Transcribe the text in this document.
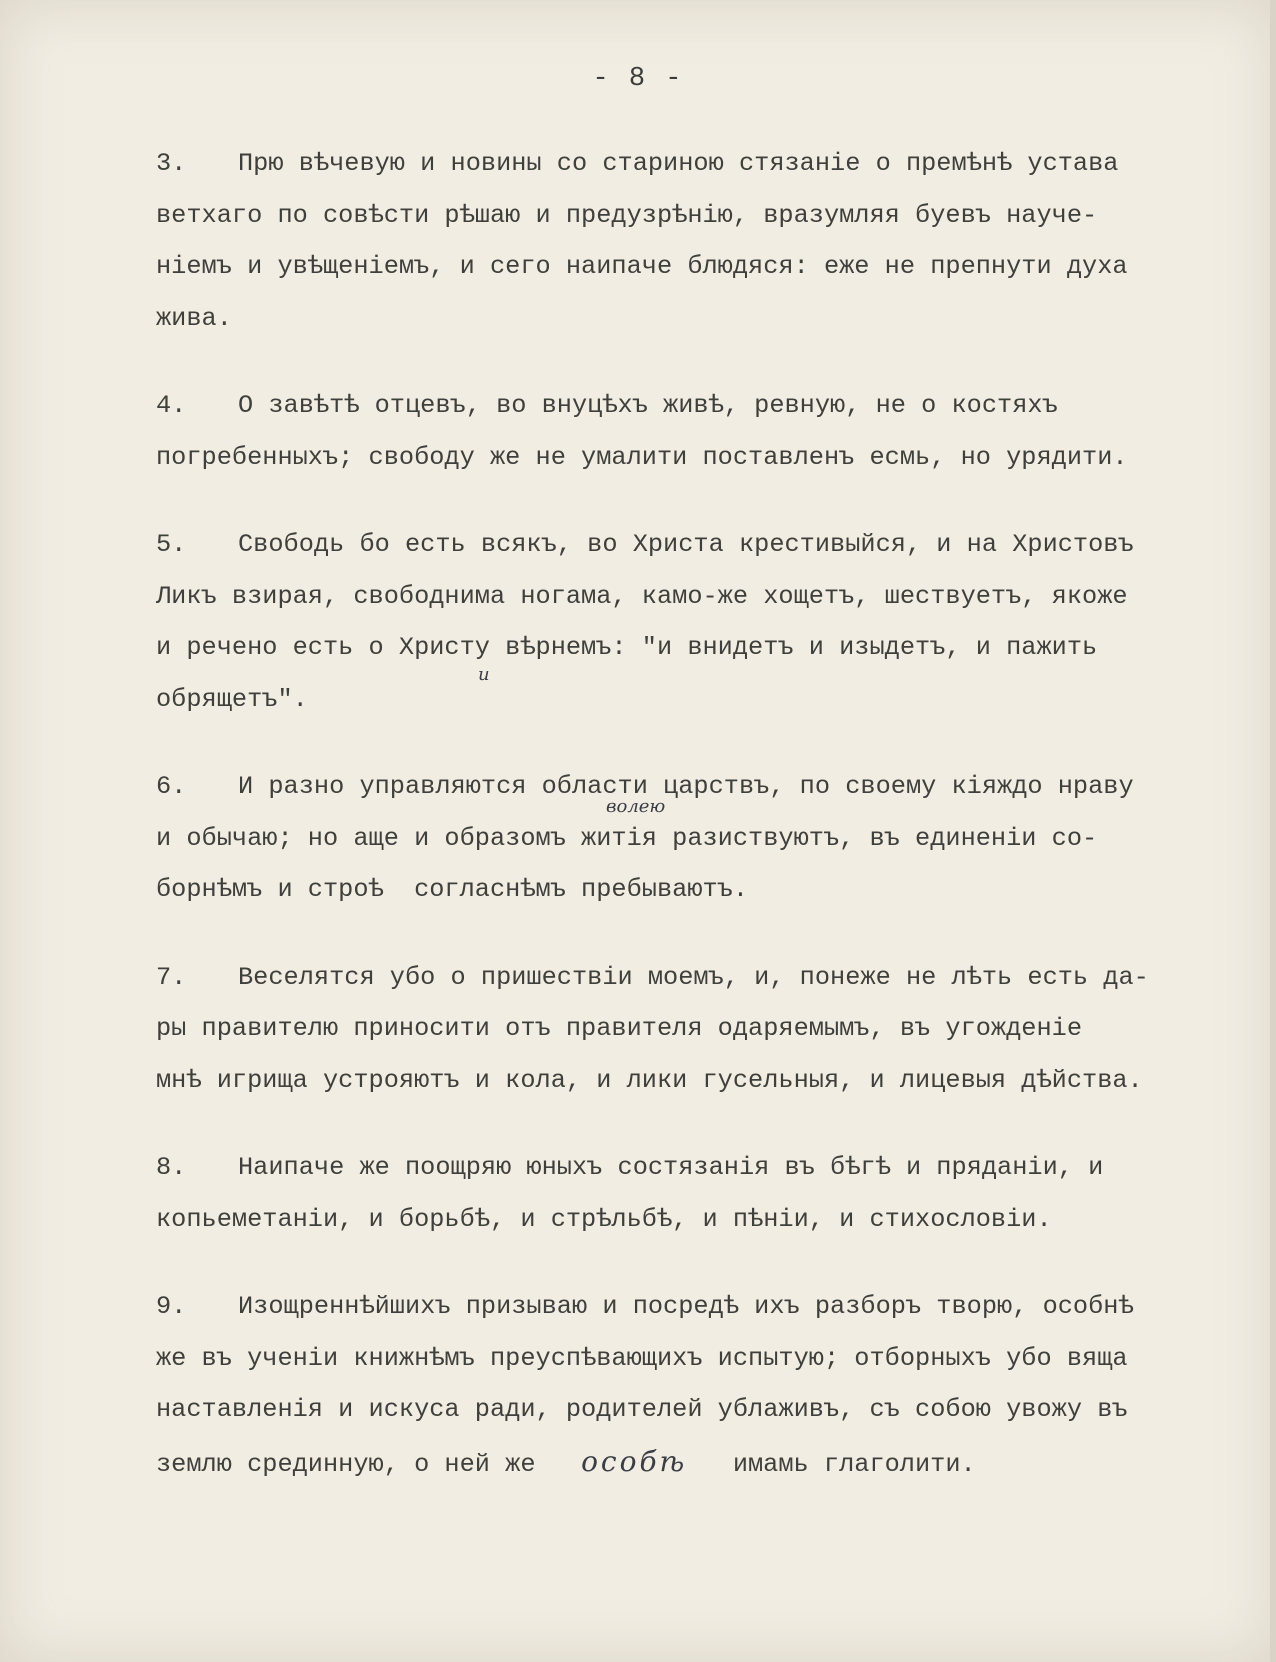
- 8 -
3. Прю вѣчевую и новины со стариною стязаніе о премѣнѣ устава
ветхаго по совѣсти рѣшаю и предузрѣнію, вразумляя буевъ науче-
ніемъ и увѣщеніемъ, и сего наипаче блюдяся: еже не препнути духа
жива.
4. О завѣтѣ отцевъ, во внуцѣхъ живѣ, ревную, не о костяхъ
погребенныхъ; свободу же не умалити поставленъ есмь, но урядити.
5. Свободь бо есть всякъ, во Христа крестивыйся, и на Христовъ
Ликъ взирая, свободнима ногама, камо-же хощетъ, шествуетъ, якоже
и речено есть о Христу вѣрнемъ: "и внидетъ и изыдетъ, и пажить
обрящетъ".
6. И разно управляются области царствъ, по своему кіяждо нраву
и обычаю; но аще и образомъ житія разиствуютъ, въ единеніи со-
борнѣмъ и строѣ  согласнѣмъ пребываютъ.
7. Веселятся убо о пришествіи моемъ, и, понеже не лѣть есть да-
ры правителю приносити отъ правителя одаряемымъ, въ угожденіе
мнѣ игрища устрояютъ и кола, и лики гусельныя, и лицевыя дѣйства.
8. Наипаче же поощряю юныхъ состязанія въ бѣгѣ и пряданіи, и
копьеметаніи, и борьбѣ, и стрѣльбѣ, и пѣніи, и стихословіи.
9. Изощреннѣйшихъ призываю и посредѣ ихъ разборъ творю, особнѣ
же въ ученіи книжнѣмъ преуспѣвающихъ испытую; отборныхъ убо вяща
наставленія и искуса ради, родителей ублаживъ, съ собою увожу въ
землю срединную, о ней же особѣ имамь глаголити.
волею
и
